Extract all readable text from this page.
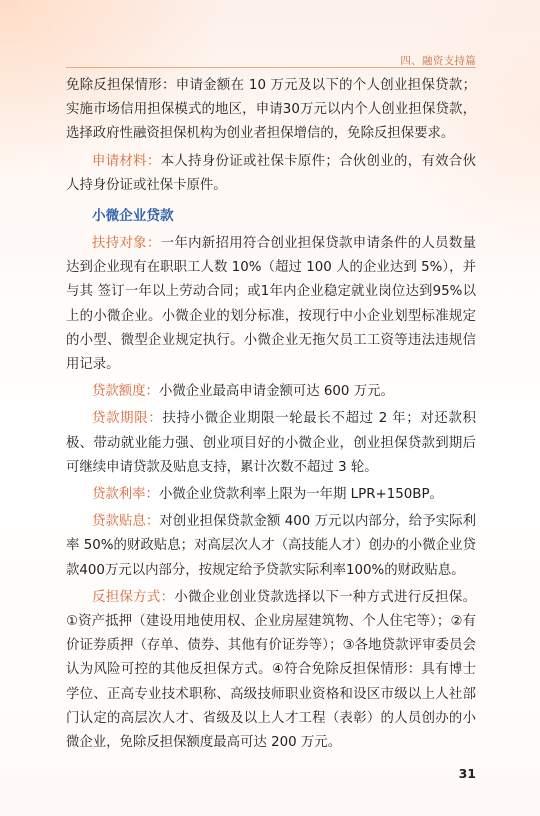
四、融资支持篇

免除反担保情形：申请金额在 10 万元及以下的个人创业担保贷款；实施市场信用担保模式的地区，申请30万元以内个人创业担保贷款，选择政府性融资担保机构为创业者担保增信的，免除反担保要求。

申请材料：本人持身份证或社保卡原件；合伙创业的，有效合伙人持身份证或社保卡原件。

小微企业贷款

扶持对象：一年内新招用符合创业担保贷款申请条件的人员数量 达到企业现有在职职工人数 10%（超过 100 人的企业达到 5%），并与其 签订一年以上劳动合同；或1年内企业稳定就业岗位达到95%以上的小微企业。小微企业的划分标准，按现行中小企业划型标准规定的小型、微型企业规定执行。小微企业无拖欠员工工资等违法违规信用记录。

贷款额度：小微企业最高申请金额可达 600 万元。

贷款期限：扶持小微企业期限一轮最长不超过 2 年；对还款积极、带动就业能力强、创业项目好的小微企业，创业担保贷款到期后可继续申请贷款及贴息支持，累计次数不超过 3 轮。

贷款利率：小微企业贷款利率上限为一年期 LPR+150BP。

贷款贴息：对创业担保贷款金额 400 万元以内部分，给予实际利率 50%的财政贴息；对高层次人才（高技能人才）创办的小微企业贷款400万元以内部分，按规定给予贷款实际利率100%的财政贴息。

反担保方式：小微企业创业贷款选择以下一种方式进行反担保。①资产抵押（建设用地使用权、企业房屋建筑物、个人住宅等）；②有价证券质押（存单、债券、其他有价证券等）；③各地贷款评审委员会认为风险可控的其他反担保方式。④符合免除反担保情形：具有博士学位、正高专业技术职称、高级技师职业资格和设区市级以上人社部门认定的高层次人才、省级及以上人才工程（表彰）的人员创办的小微企业，免除反担保额度最高可达 200 万元。

31
